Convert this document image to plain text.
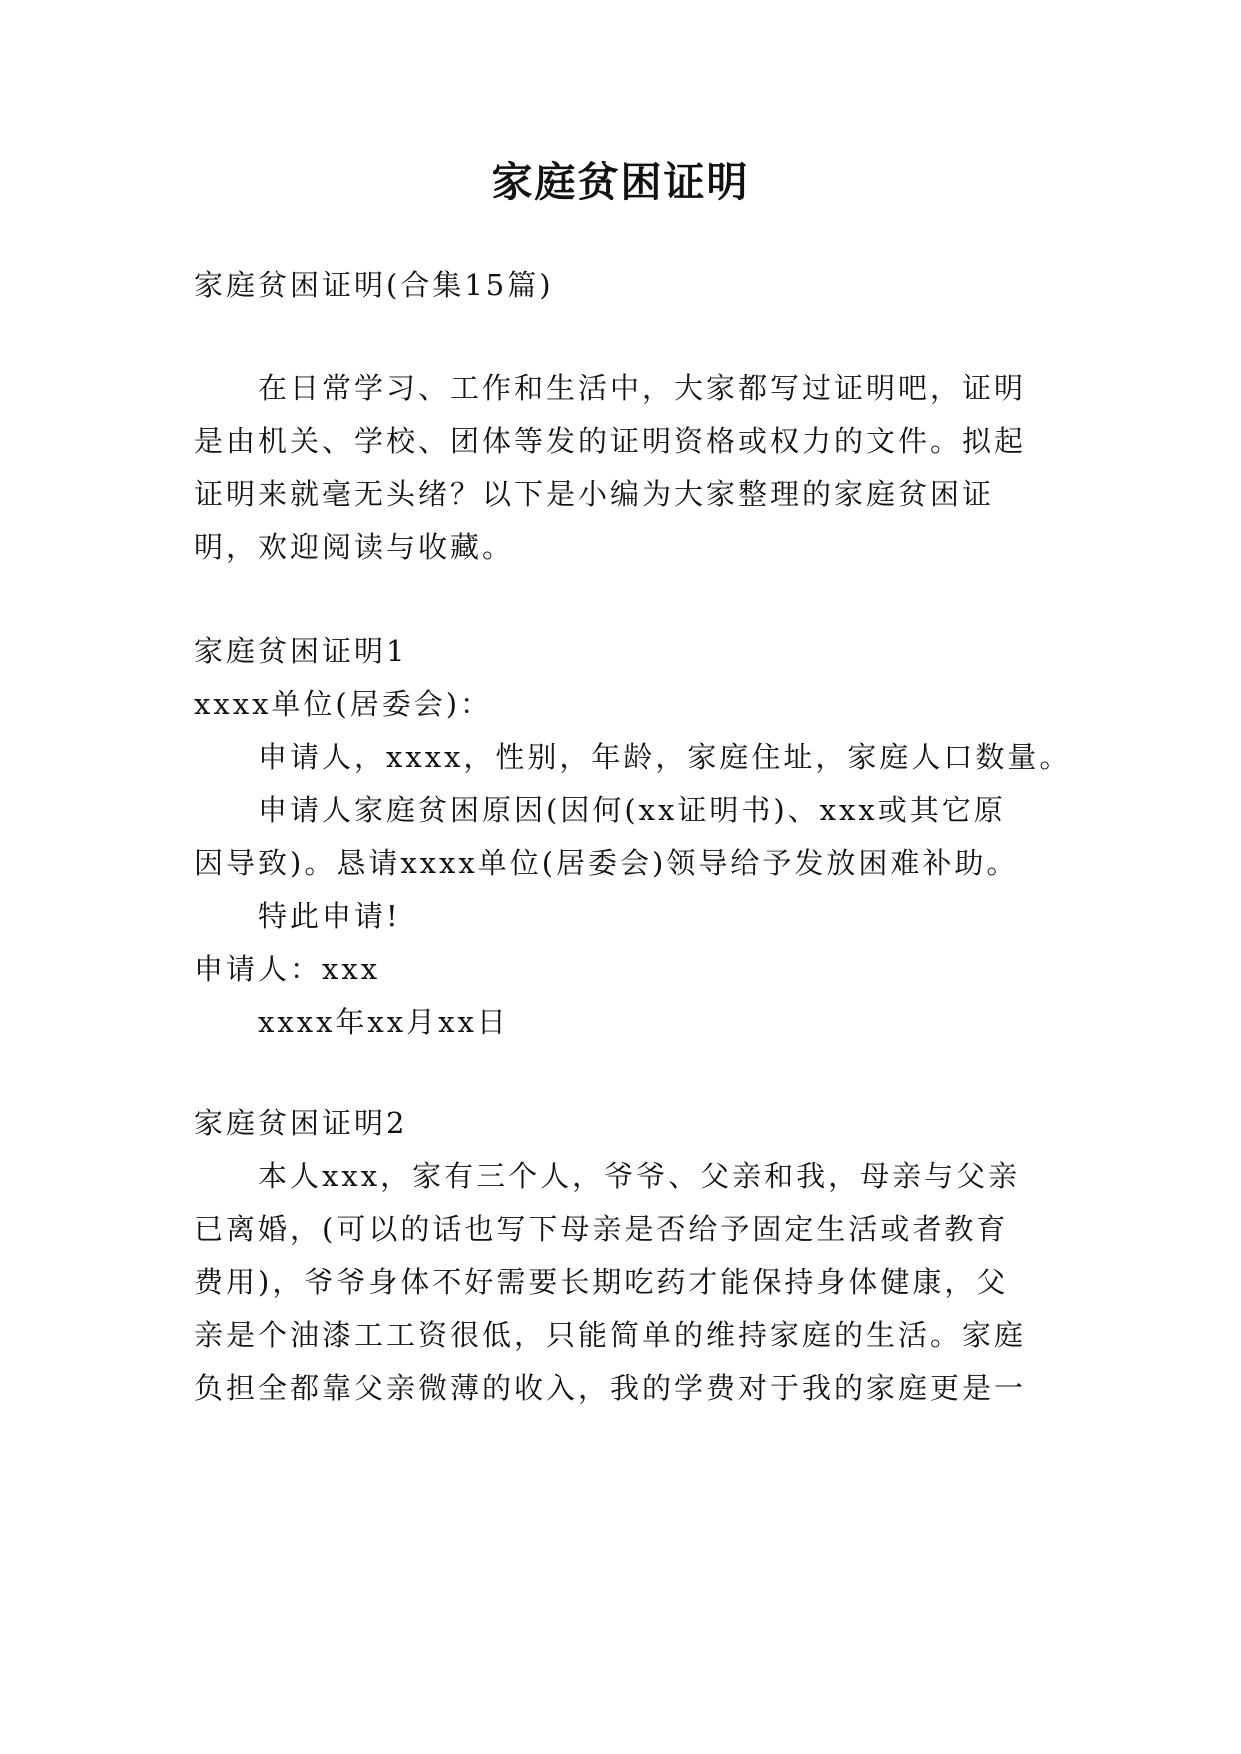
家庭贫困证明
家庭贫困证明(合集15篇)
在日常学习、工作和生活中，大家都写过证明吧，证明
是由机关、学校、团体等发的证明资格或权力的文件。拟起
证明来就毫无头绪？以下是小编为大家整理的家庭贫困证
明，欢迎阅读与收藏。
家庭贫困证明1
xxxx单位(居委会)：
申请人，xxxx，性别，年龄，家庭住址，家庭人口数量。
申请人家庭贫困原因(因何(xx证明书)、xxx或其它原
因导致)。恳请xxxx单位(居委会)领导给予发放困难补助。
特此申请!
申请人：xxx
xxxx年xx月xx日
家庭贫困证明2
本人xxx，家有三个人，爷爷、父亲和我，母亲与父亲
已离婚，(可以的话也写下母亲是否给予固定生活或者教育
费用)，爷爷身体不好需要长期吃药才能保持身体健康，父
亲是个油漆工工资很低，只能简单的维持家庭的生活。家庭
负担全都靠父亲微薄的收入，我的学费对于我的家庭更是一
